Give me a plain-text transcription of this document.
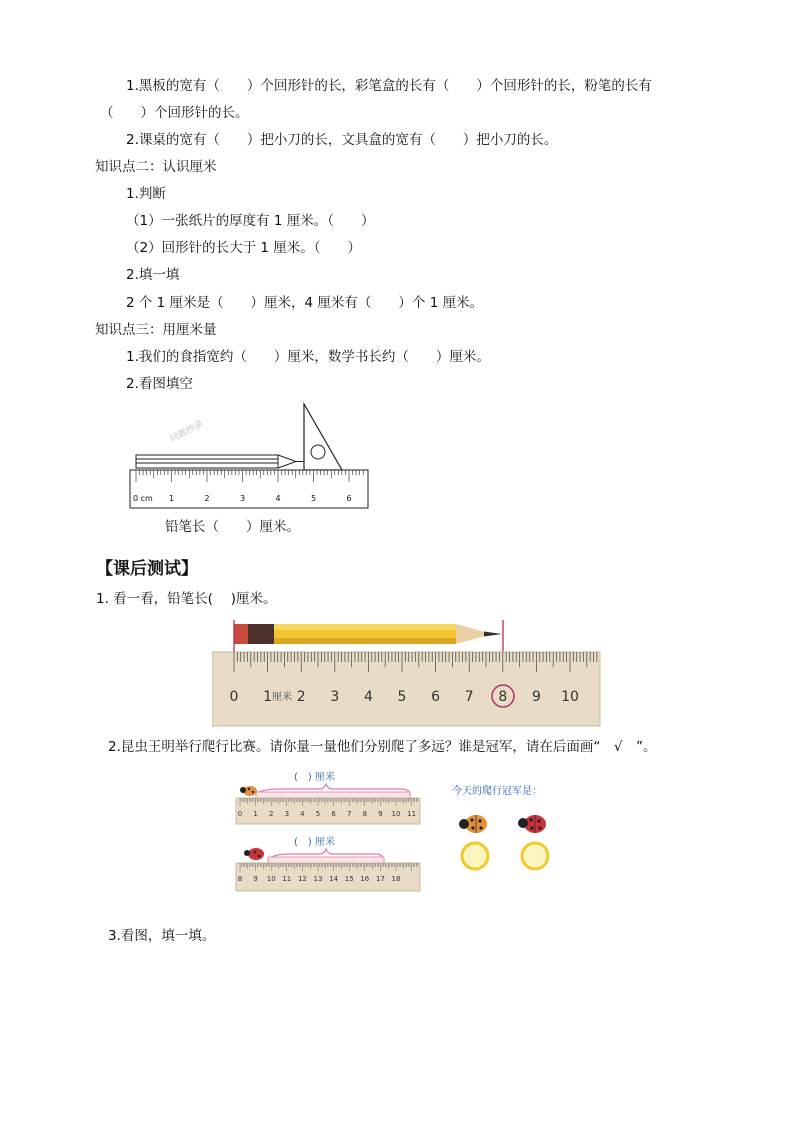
1.黑板的宽有（　　）个回形针的长，彩笔盒的长有（　　）个回形针的长，粉笔的长有
（　　）个回形针的长。
2.课桌的宽有（　　）把小刀的长，文具盒的宽有（　　）把小刀的长。
知识点二：认识厘米
1.判断
（1）一张纸片的厚度有 1 厘米。（　　）
（2）回形针的长大于 1 厘米。（　　）
2.填一填
2 个 1 厘米是（　　）厘米，4 厘米有（　　）个 1 厘米。
知识点三：用厘米量
1.我们的食指宽约（　　）厘米，数学书长约（　　）厘米。
2.看图填空
问题抄录
0 cm 1	2	3	4	5	6
铅笔长（　　）厘米。
【课后测试】
1. 看一看，铅笔长(　 )厘米。
0 1 2 3 4 5 6 7 8 9 10
厘米
2.昆虫王明举行爬行比赛。请你量一量他们分别爬了多远？谁是冠军，请在后面画“　√　”。
(　) 厘米
0 1 2 3 4 5 6 7 8 9 10 11
(　) 厘米
8 9 10 11 12 13 14 15 16 17 18
今天的爬行冠军是：
3.看图，填一填。
